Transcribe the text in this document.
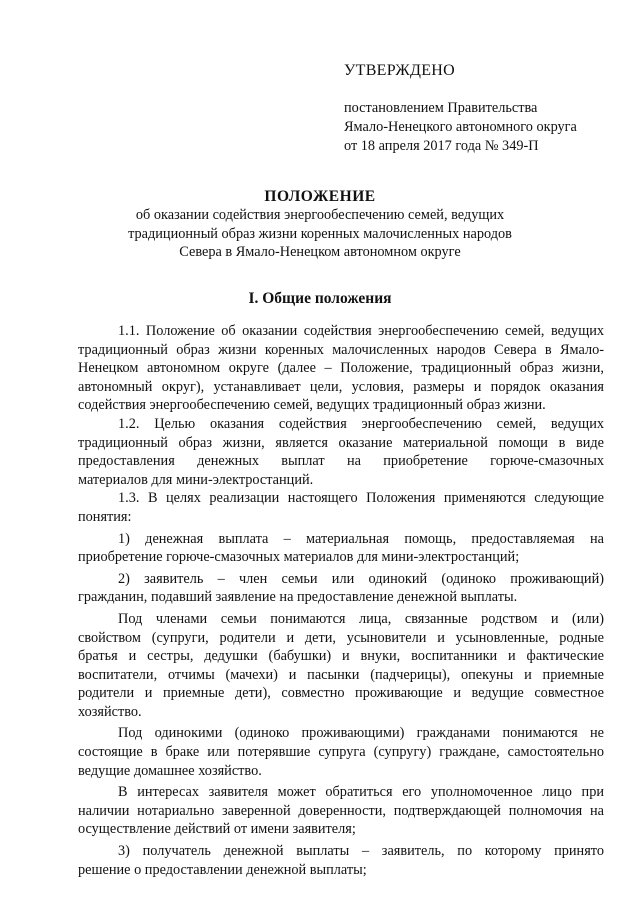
УТВЕРЖДЕНО
постановлением Правительства
Ямало-Ненецкого автономного округа
от 18 апреля 2017 года № 349-П
ПОЛОЖЕНИЕ
об оказании содействия энергообеспечению семей, ведущих
традиционный образ жизни коренных малочисленных народов
Севера в Ямало-Ненецком автономном округе
I. Общие положения
1.1. Положение об оказании содействия энергообеспечению семей, ведущих
традиционный образ жизни коренных малочисленных народов Севера в Ямало-
Ненецком автономном округе (далее – Положение, традиционный образ жизни,
автономный округ), устанавливает цели, условия, размеры и порядок оказания
содействия энергообеспечению семей, ведущих традиционный образ жизни.
1.2. Целью оказания содействия энергообеспечению семей, ведущих
традиционный образ жизни, является оказание материальной помощи в виде
предоставления денежных выплат на приобретение горюче-смазочных
материалов для мини-электростанций.
1.3. В целях реализации настоящего Положения применяются следующие
понятия:
1) денежная выплата – материальная помощь, предоставляемая на
приобретение горюче-смазочных материалов для мини-электростанций;
2) заявитель – член семьи или одинокий (одиноко проживающий)
гражданин, подавший заявление на предоставление денежной выплаты.
Под членами семьи понимаются лица, связанные родством и (или)
свойством (супруги, родители и дети, усыновители и усыновленные, родные
братья и сестры, дедушки (бабушки) и внуки, воспитанники и фактические
воспитатели, отчимы (мачехи) и пасынки (падчерицы), опекуны и приемные
родители и приемные дети), совместно проживающие и ведущие совместное
хозяйство.
Под одинокими (одиноко проживающими) гражданами понимаются не
состоящие в браке или потерявшие супруга (супругу) граждане, самостоятельно
ведущие домашнее хозяйство.
В интересах заявителя может обратиться его уполномоченное лицо при
наличии нотариально заверенной доверенности, подтверждающей полномочия на
осуществление действий от имени заявителя;
3) получатель денежной выплаты – заявитель, по которому принято
решение о предоставлении денежной выплаты;
